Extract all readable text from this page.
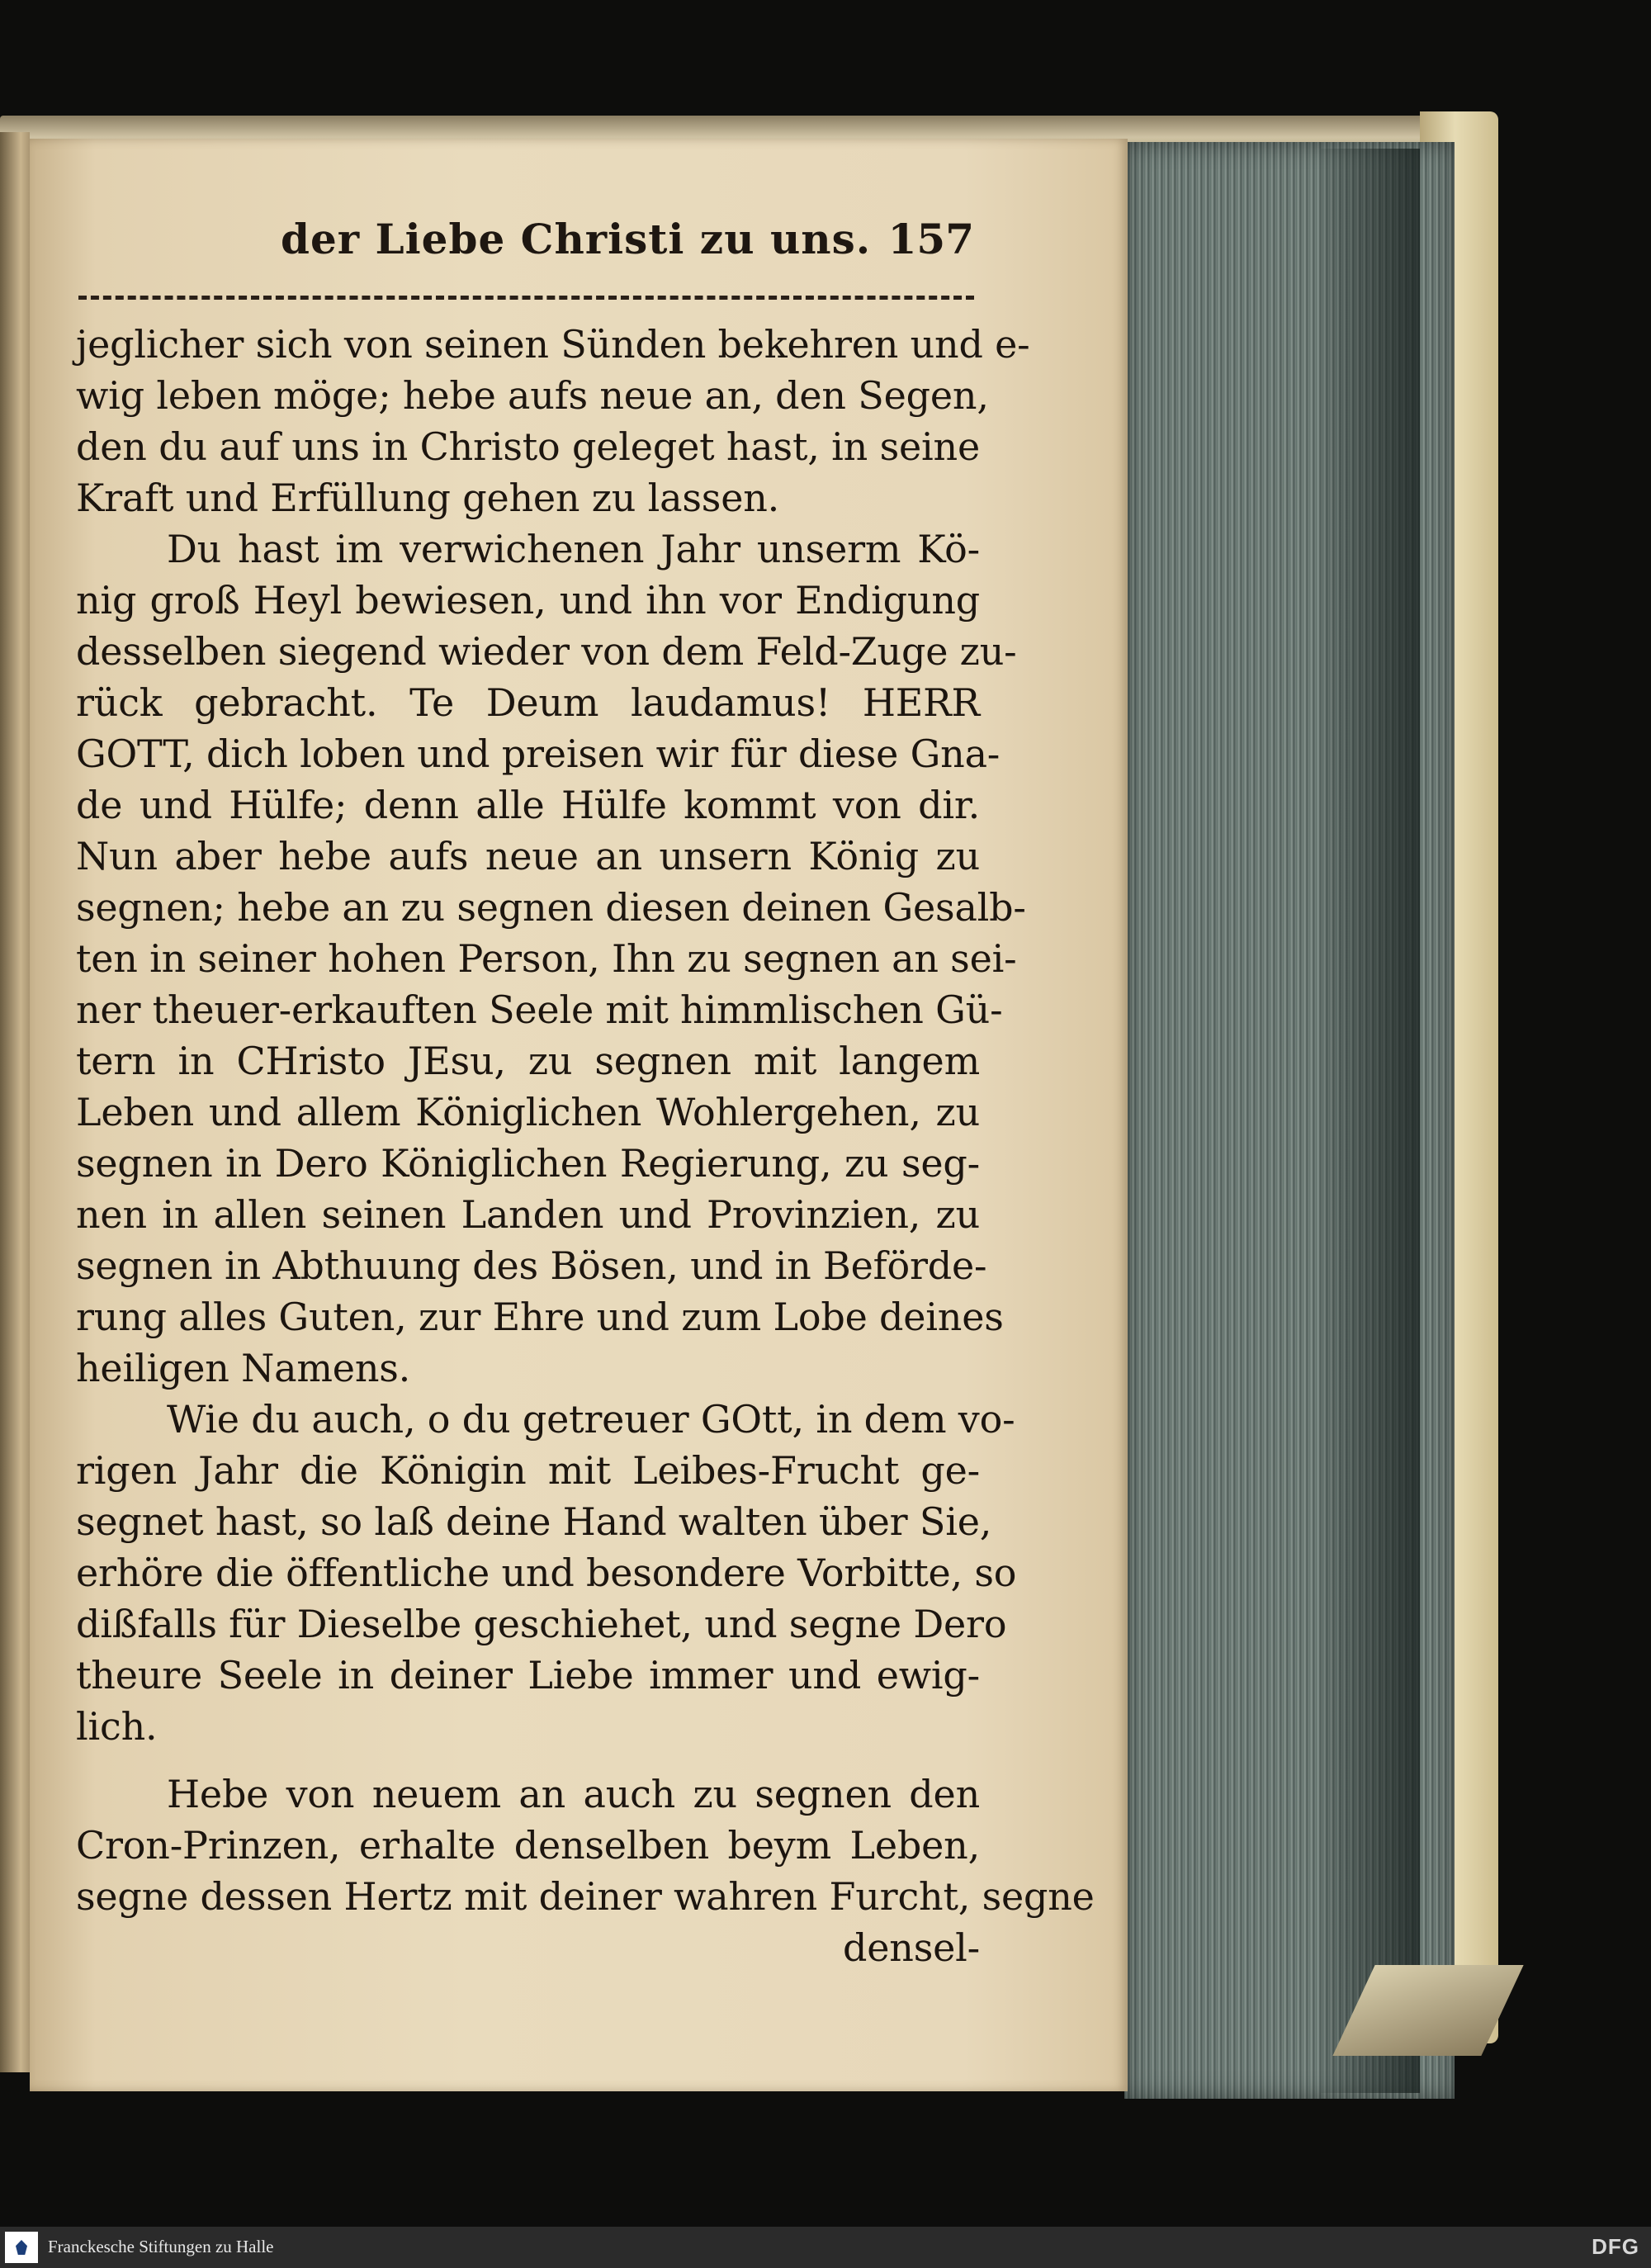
der Liebe Christi zu uns. 157
jeglicher sich von seinen Sünden bekehren und e-
wig leben möge; hebe aufs neue an, den Segen,
den du auf uns in Christo geleget hast, in seine
Kraft und Erfüllung gehen zu lassen.
Du hast im verwichenen Jahr unserm Kö-
nig groß Heyl bewiesen, und ihn vor Endigung
desselben siegend wieder von dem Feld-Zuge zu-
rück gebracht. Te Deum laudamus! HERR
GOTT, dich loben und preisen wir für diese Gna-
de und Hülfe; denn alle Hülfe kommt von dir.
Nun aber hebe aufs neue an unsern König zu
segnen; hebe an zu segnen diesen deinen Gesalb-
ten in seiner hohen Person, Ihn zu segnen an sei-
ner theuer-erkauften Seele mit himmlischen Gü-
tern in CHristo JEsu, zu segnen mit langem
Leben und allem Königlichen Wohlergehen, zu
segnen in Dero Königlichen Regierung, zu seg-
nen in allen seinen Landen und Provinzien, zu
segnen in Abthuung des Bösen, und in Beförde-
rung alles Guten, zur Ehre und zum Lobe deines
heiligen Namens.
Wie du auch, o du getreuer GOtt, in dem vo-
rigen Jahr die Königin mit Leibes-Frucht ge-
segnet hast, so laß deine Hand walten über Sie,
erhöre die öffentliche und besondere Vorbitte, so
dißfalls für Dieselbe geschiehet, und segne Dero
theure Seele in deiner Liebe immer und ewig-
lich.
Hebe von neuem an auch zu segnen den
Cron-Prinzen, erhalte denselben beym Leben,
segne dessen Hertz mit deiner wahren Furcht, segne
densel-
Franckesche Stiftungen zu Halle	DFG
